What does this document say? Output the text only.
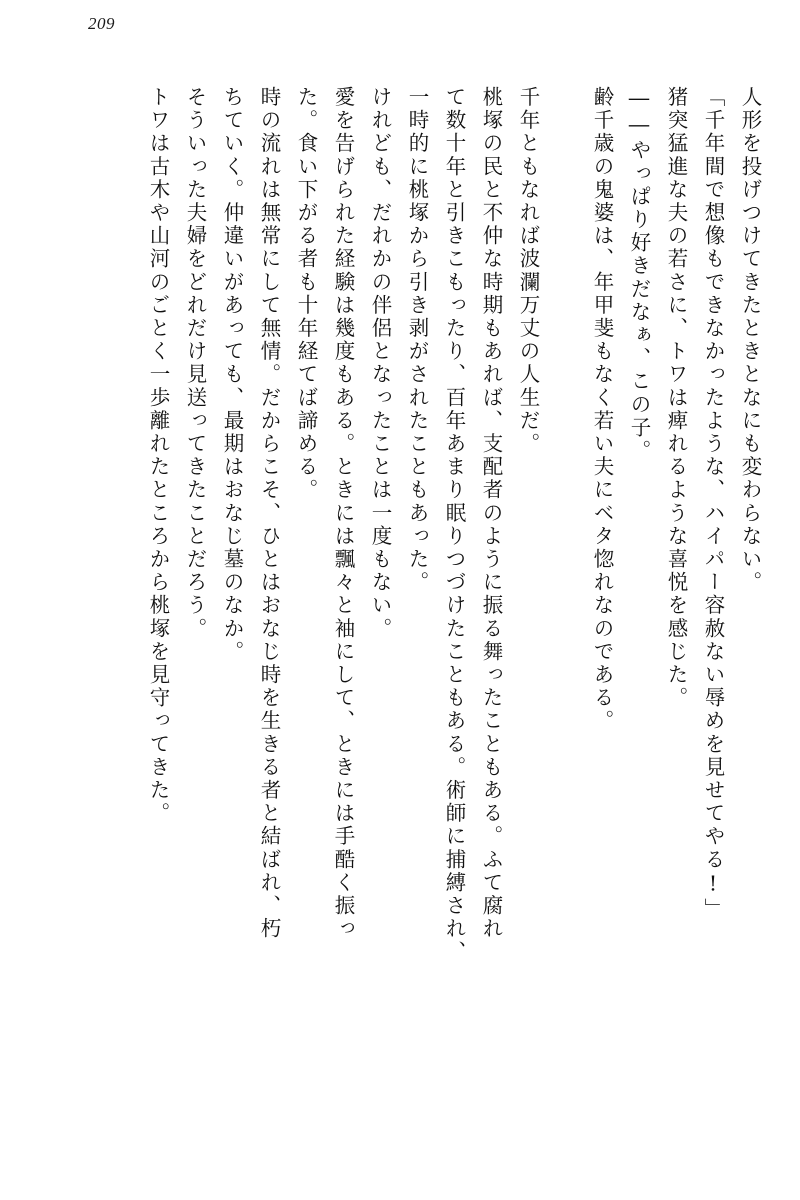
209
人形を投げつけてきたときとなにも変わらない。
「千年間で想像もできなかったような、ハイパー容赦ない辱めを見せてやる!」
猪突猛進な夫の若さに、トワは痺れるような喜悦を感じた。
――やっぱり好きだなぁ、この子。
齢千歳の鬼婆は、年甲斐もなく若い夫にベタ惚れなのである。
千年ともなれば波瀾万丈の人生だ。
桃塚の民と不仲な時期もあれば、支配者のように振る舞ったこともある。ふて腐れ
て数十年と引きこもったり、百年あまり眠りつづけたこともある。術師に捕縛され、
一時的に桃塚から引き剥がされたこともあった。
けれども、だれかの伴侶となったことは一度もない。
愛を告げられた経験は幾度もある。ときには飄々と袖にして、ときには手酷く振っ
た。食い下がる者も十年経てば諦める。
時の流れは無常にして無情。だからこそ、ひとはおなじ時を生きる者と結ばれ、朽
ちていく。仲違いがあっても、最期はおなじ墓のなか。
そういった夫婦をどれだけ見送ってきたことだろう。
トワは古木や山河のごとく一歩離れたところから桃塚を見守ってきた。
